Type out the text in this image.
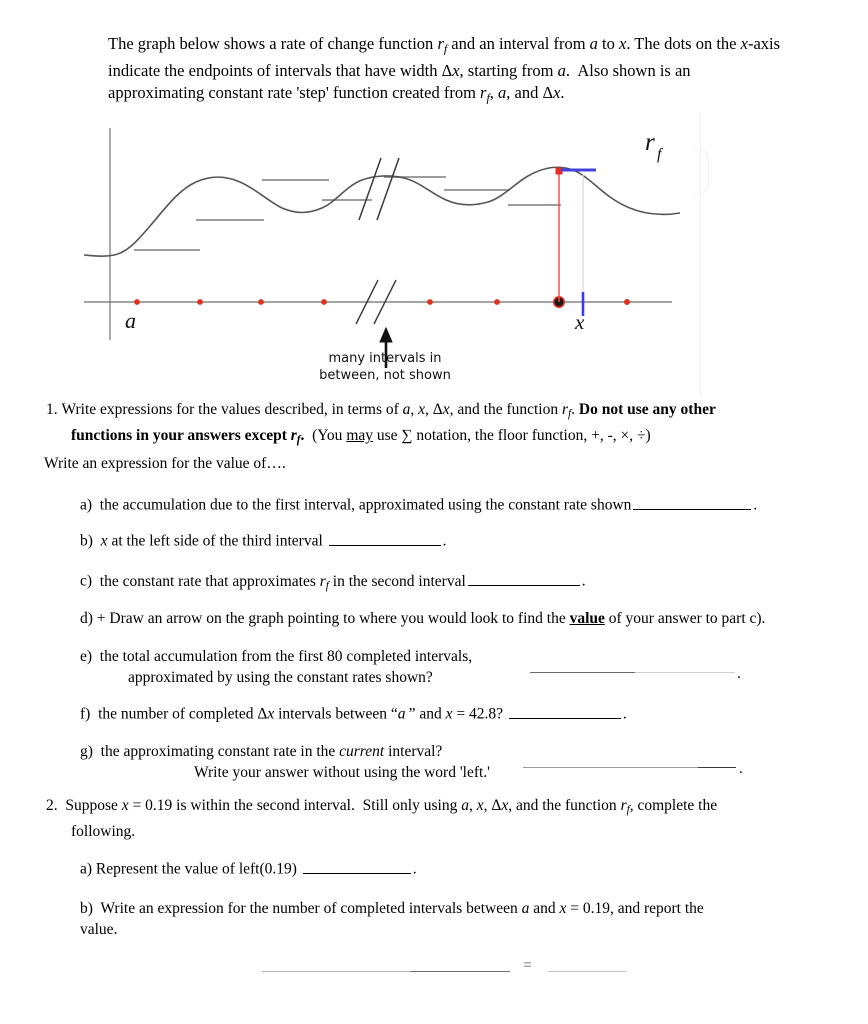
The graph below shows a rate of change function $r_f$ and an interval from a to x. The dots on the x-axis
indicate the endpoints of intervals that have width Δx, starting from a.  Also shown is an
approximating constant rate 'step' function created from $r_f$, a, and Δx.
a	x
r f
many intervals in
between, not shown
1. Write expressions for the values described, in terms of a, x, Δx, and the function $r_f$. Do not use any other
functions in your answers except $r_f$.  (You may use ∑ notation, the floor function, +, -, ×, ÷)
Write an expression for the value of….
a) the accumulation due to the first interval, approximated using the constant rate shown	.
b) x at the left side of the third interval	.
c) the constant rate that approximates $r_f$ in the second interval	.
d) + Draw an arrow on the graph pointing to where you would look to find the value of your answer to part c).
e) the total accumulation from the first 80 completed intervals,
approximated by using the constant rates shown?	.
f) the number of completed Δx intervals between “a ” and x = 42.8?	.
g) the approximating constant rate in the current interval?
Write your answer without using the word 'left.'	.
2. Suppose x = 0.19 is within the second interval.  Still only using a, x, Δx, and the function $r_f$, complete the
following.
a) Represent the value of left(0.19)	.
b) Write an expression for the number of completed intervals between a and x = 0.19, and report the
value.
=
